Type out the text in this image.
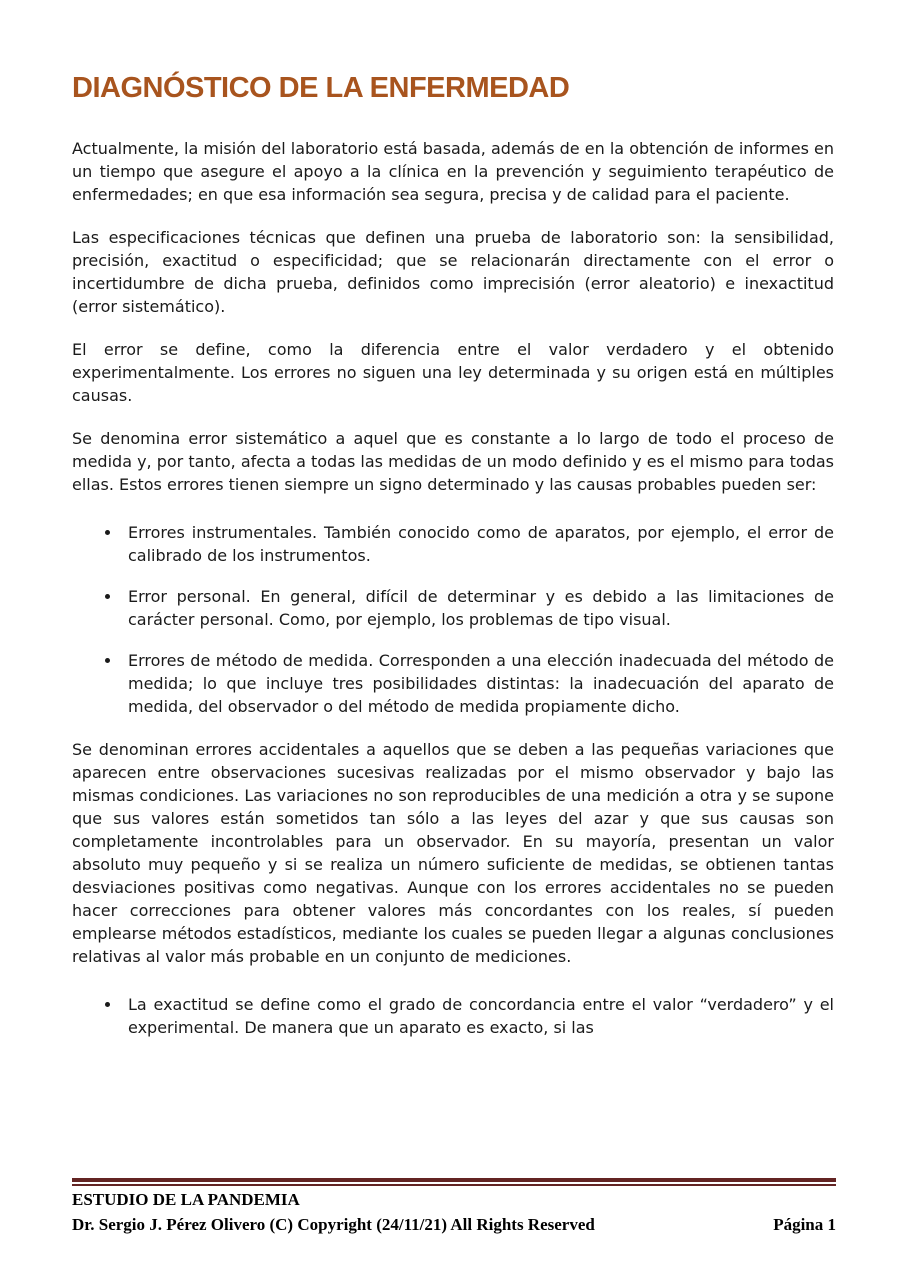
DIAGNÓSTICO DE LA ENFERMEDAD

Actualmente, la misión del laboratorio está basada, además de en la obtención de informes en un tiempo que asegure el apoyo a la clínica en la prevención y seguimiento terapéutico de enfermedades; en que esa información sea segura, precisa y de calidad para el paciente.

Las especificaciones técnicas que definen una prueba de laboratorio son: la sensibilidad, precisión, exactitud o especificidad; que se relacionarán directamente con el error o incertidumbre de dicha prueba, definidos como imprecisión (error aleatorio) e inexactitud (error sistemático).

El error se define, como la diferencia entre el valor verdadero y el obtenido experimentalmente. Los errores no siguen una ley determinada y su origen está en múltiples causas.

Se denomina error sistemático a aquel que es constante a lo largo de todo el proceso de medida y, por tanto, afecta a todas las medidas de un modo definido y es el mismo para todas ellas. Estos errores tienen siempre un signo determinado y las causas probables pueden ser:

Errores instrumentales. También conocido como de aparatos, por ejemplo, el error de calibrado de los instrumentos.
Error personal. En general, difícil de determinar y es debido a las limitaciones de carácter personal. Como, por ejemplo, los problemas de tipo visual.
Errores de método de medida. Corresponden a una elección inadecuada del método de medida; lo que incluye tres posibilidades distintas: la inadecuación del aparato de medida, del observador o del método de medida propiamente dicho.

Se denominan errores accidentales a aquellos que se deben a las pequeñas variaciones que aparecen entre observaciones sucesivas realizadas por el mismo observador y bajo las mismas condiciones. Las variaciones no son reproducibles de una medición a otra y se supone que sus valores están sometidos tan sólo a las leyes del azar y que sus causas son completamente incontrolables para un observador. En su mayoría, presentan un valor absoluto muy pequeño y si se realiza un número suficiente de medidas, se obtienen tantas desviaciones positivas como negativas. Aunque con los errores accidentales no se pueden hacer correcciones para obtener valores más concordantes con los reales, sí pueden emplearse métodos estadísticos, mediante los cuales se pueden llegar a algunas conclusiones relativas al valor más probable en un conjunto de mediciones.

La exactitud se define como el grado de concordancia entre el valor “verdadero” y el experimental. De manera que un aparato es exacto, si las
ESTUDIO DE LA PANDEMIA
Dr. Sergio J. Pérez Olivero (C) Copyright (24/11/21) All Rights Reserved	Página 1
